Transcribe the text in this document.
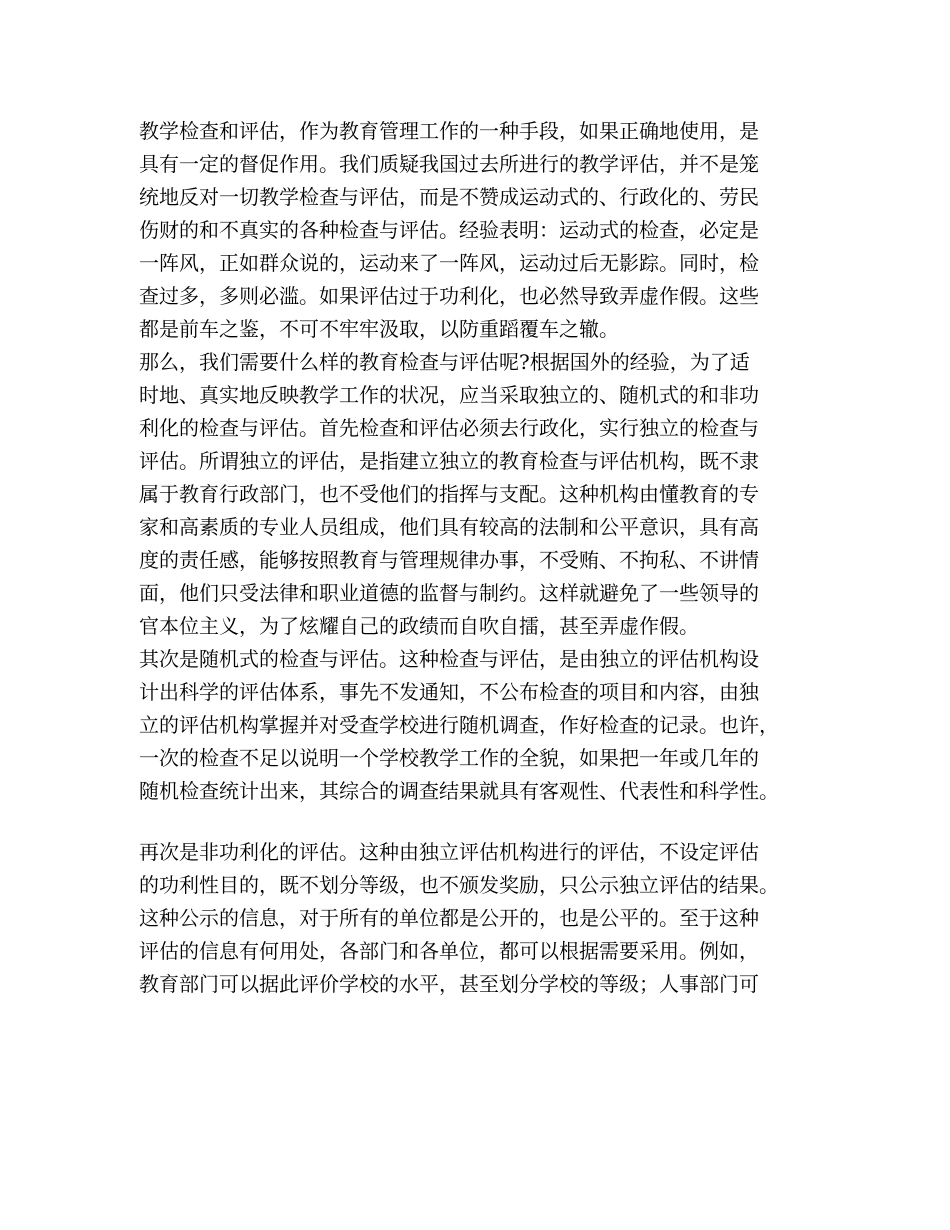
教学检查和评估，作为教育管理工作的一种手段，如果正确地使用，是
具有一定的督促作用。我们质疑我国过去所进行的教学评估，并不是笼
统地反对一切教学检查与评估，而是不赞成运动式的、行政化的、劳民
伤财的和不真实的各种检查与评估。经验表明：运动式的检查，必定是
一阵风，正如群众说的，运动来了一阵风，运动过后无影踪。同时，检
查过多，多则必滥。如果评估过于功利化，也必然导致弄虚作假。这些
都是前车之鉴，不可不牢牢汲取，以防重蹈覆车之辙。
那么，我们需要什么样的教育检查与评估呢?根据国外的经验，为了适
时地、真实地反映教学工作的状况，应当采取独立的、随机式的和非功
利化的检查与评估。首先检查和评估必须去行政化，实行独立的检查与
评估。所谓独立的评估，是指建立独立的教育检查与评估机构，既不隶
属于教育行政部门，也不受他们的指挥与支配。这种机构由懂教育的专
家和高素质的专业人员组成，他们具有较高的法制和公平意识，具有高
度的责任感，能够按照教育与管理规律办事，不受贿、不拘私、不讲情
面，他们只受法律和职业道德的监督与制约。这样就避免了一些领导的
官本位主义，为了炫耀自己的政绩而自吹自擂，甚至弄虚作假。
其次是随机式的检查与评估。这种检查与评估，是由独立的评估机构设
计出科学的评估体系，事先不发通知，不公布检查的项目和内容，由独
立的评估机构掌握并对受查学校进行随机调查，作好检查的记录。也许，
一次的检查不足以说明一个学校教学工作的全貌，如果把一年或几年的
随机检查统计出来，其综合的调查结果就具有客观性、代表性和科学性。
再次是非功利化的评估。这种由独立评估机构进行的评估，不设定评估
的功利性目的，既不划分等级，也不颁发奖励，只公示独立评估的结果。
这种公示的信息，对于所有的单位都是公开的，也是公平的。至于这种
评估的信息有何用处，各部门和各单位，都可以根据需要采用。例如，
教育部门可以据此评价学校的水平，甚至划分学校的等级；人事部门可
